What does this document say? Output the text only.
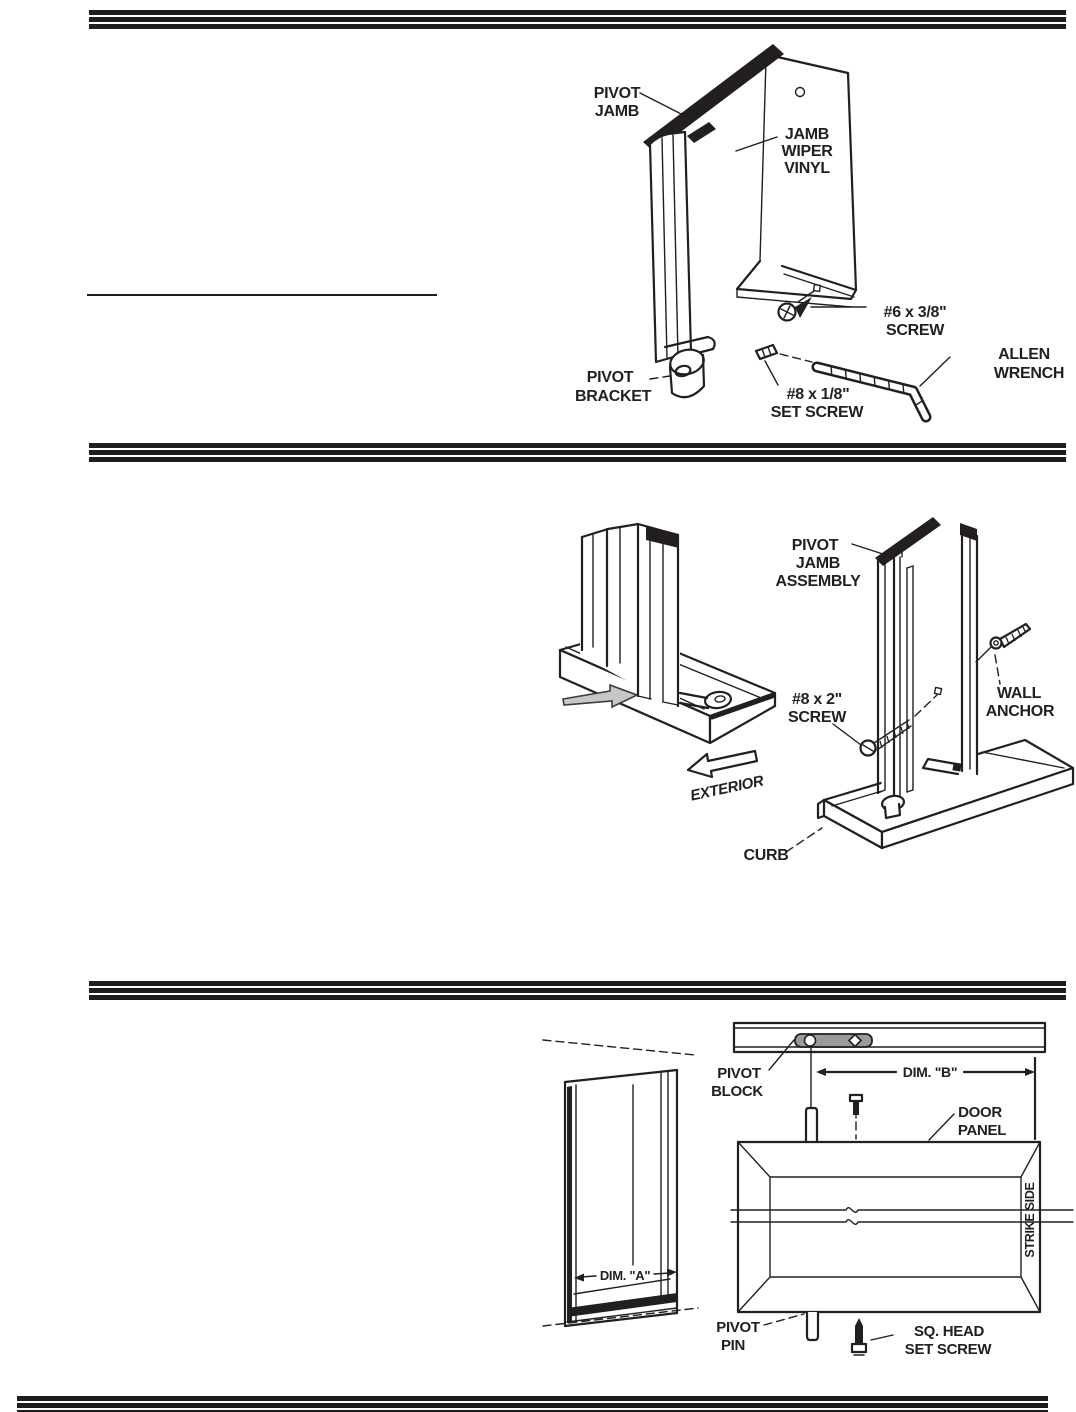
PIVOT
JAMB
JAMB
WIPER
VINYL
#6 x 3/8"
SCREW
ALLEN
WRENCH
PIVOT
BRACKET	#8 x 1/8"
SET SCREW
PIVOT
JAMB
ASSEMBLY
#8 x 2"
SCREW
WALL
ANCHOR
EXTERIOR
CURB
DIM. "A"
DIM. "B"
STRIKE SIDE
PIVOT
BLOCK
DOOR
PANEL
PIVOT
PIN
SQ. HEAD
SET SCREW
